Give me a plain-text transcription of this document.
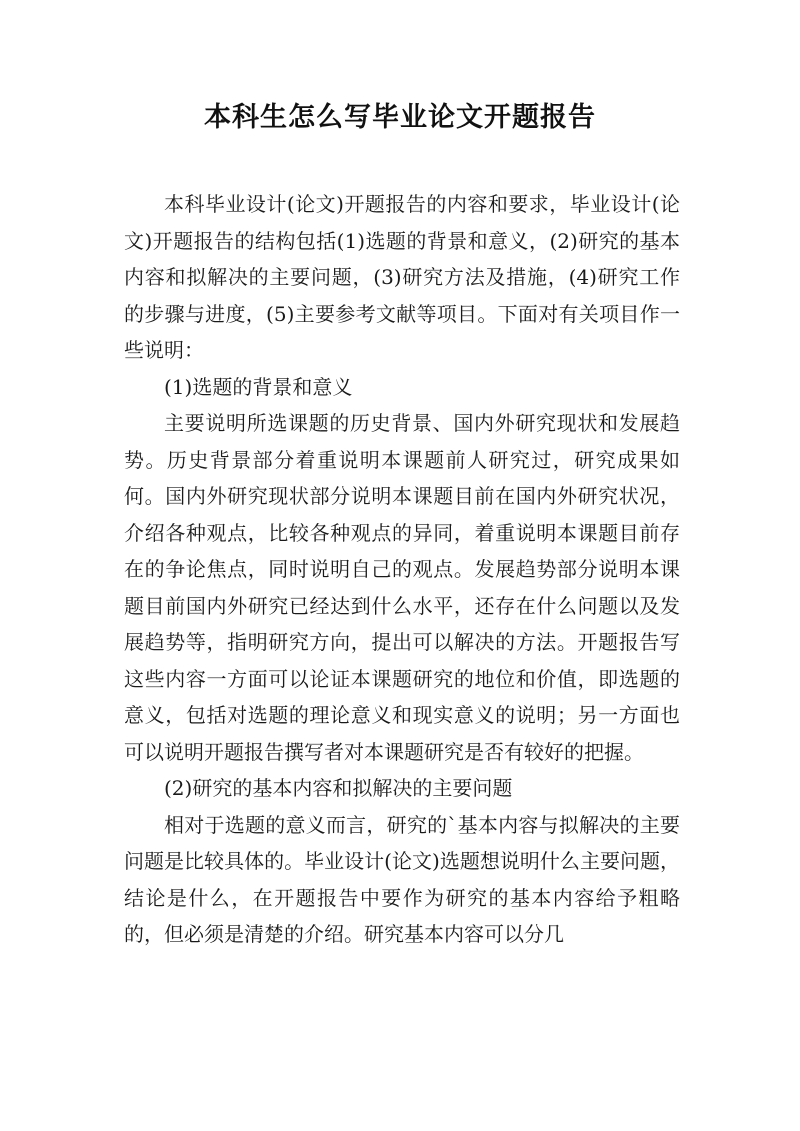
本科生怎么写毕业论文开题报告

本科毕业设计(论文)开题报告的内容和要求，毕业设计(论文)开题报告的结构包括(1)选题的背景和意义，(2)研究的基本内容和拟解决的主要问题，(3)研究方法及措施，(4)研究工作的步骤与进度，(5)主要参考文献等项目。下面对有关项目作一些说明：

(1)选题的背景和意义

主要说明所选课题的历史背景、国内外研究现状和发展趋势。历史背景部分着重说明本课题前人研究过，研究成果如何。国内外研究现状部分说明本课题目前在国内外研究状况，介绍各种观点，比较各种观点的异同，着重说明本课题目前存在的争论焦点，同时说明自己的观点。发展趋势部分说明本课题目前国内外研究已经达到什么水平，还存在什么问题以及发展趋势等，指明研究方向，提出可以解决的方法。开题报告写这些内容一方面可以论证本课题研究的地位和价值，即选题的意义，包括对选题的理论意义和现实意义的说明；另一方面也可以说明开题报告撰写者对本课题研究是否有较好的把握。

(2)研究的基本内容和拟解决的主要问题

相对于选题的意义而言，研究的`基本内容与拟解决的主要问题是比较具体的。毕业设计(论文)选题想说明什么主要问题，结论是什么，在开题报告中要作为研究的基本内容给予粗略的，但必须是清楚的介绍。研究基本内容可以分几
